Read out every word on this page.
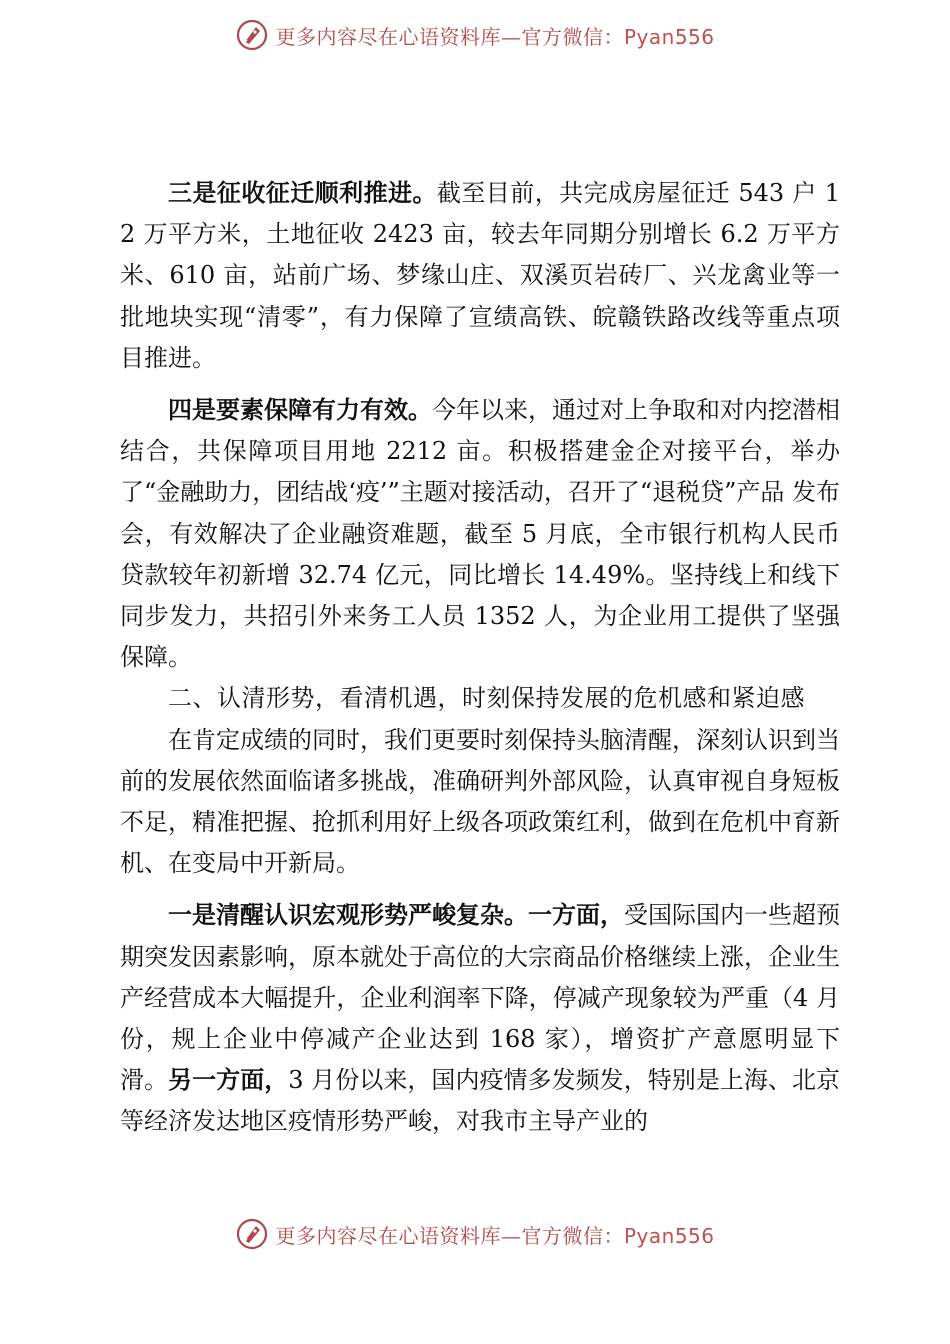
更多内容尽在心语资料库—官方微信：Pyan556

三是征收征迁顺利推进。截至目前，共完成房屋征迁 543 户 12 万平方米，土地征收 2423 亩，较去年同期分别增长 6.2 万平方米、610 亩，站前广场、梦缘山庄、双溪页岩砖厂、兴龙禽业等一批地块实现“清零”，有力保障了宣绩高铁、皖赣铁路改线等重点项目推进。

四是要素保障有力有效。今年以来，通过对上争取和对内挖潜相结合，共保障项目用地 2212 亩。积极搭建金企对接平台，举办了“金融助力，团结战‘疫’”主题对接活动，召开了“退税贷”产品 发布会，有效解决了企业融资难题，截至 5 月底，全市银行机构人民币贷款较年初新增 32.74 亿元，同比增长 14.49%。坚持线上和线下同步发力，共招引外来务工人员 1352 人，为企业用工提供了坚强保障。

二、认清形势，看清机遇，时刻保持发展的危机感和紧迫感

在肯定成绩的同时，我们更要时刻保持头脑清醒，深刻认识到当前的发展依然面临诸多挑战，准确研判外部风险，认真审视自身短板不足，精准把握、抢抓利用好上级各项政策红利，做到在危机中育新机、在变局中开新局。

一是清醒认识宏观形势严峻复杂。一方面，受国际国内一些超预期突发因素影响，原本就处于高位的大宗商品价格继续上涨，企业生产经营成本大幅提升，企业利润率下降，停减产现象较为严重（4 月份，规上企业中停减产企业达到 168 家），增资扩产意愿明显下滑。另一方面，3 月份以来，国内疫情多发频发，特别是上海、北京等经济发达地区疫情形势严峻，对我市主导产业的

更多内容尽在心语资料库—官方微信：Pyan556
